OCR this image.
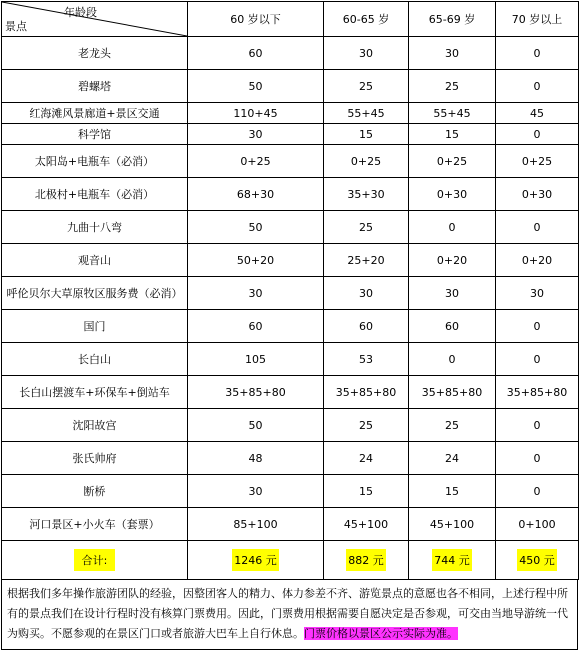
年龄段
景点	60 岁以下	60-65 岁	65-69 岁	70 岁以上
老龙头	60	30	30	0
碧螺塔	50	25	25	0
红海滩风景廊道+景区交通	110+45	55+45	55+45	45
科学馆	30	15	15	0
太阳岛+电瓶车（必消）	0+25	0+25	0+25	0+25
北极村+电瓶车（必消）	68+30	35+30	0+30	0+30
九曲十八弯	50	25	0	0
观音山	50+20	25+20	0+20	0+20
呼伦贝尔大草原牧区服务费（必消）	30	30	30	30
国门	60	60	60	0
长白山	105	53	0	0
长白山摆渡车+环保车+倒站车	35+85+80	35+85+80	35+85+80	35+85+80
沈阳故宫	50	25	25	0
张氏帅府	48	24	24	0
断桥	30	15	15	0
河口景区+小火车（套票）	85+100	45+100	45+100	0+100
合计:	1246 元	882 元	744 元	450 元
根据我们多年操作旅游团队的经验，因整团客人的精力、体力参差不齐、游览景点的意愿也各不相同，上述行程中所有的景点我们在设计行程时没有核算门票费用。因此，门票费用根据需要自愿决定是否参观，可交由当地导游统一代为购买。不愿参观的在景区门口或者旅游大巴车上自行休息。门票价格以景区公示实际为准。
